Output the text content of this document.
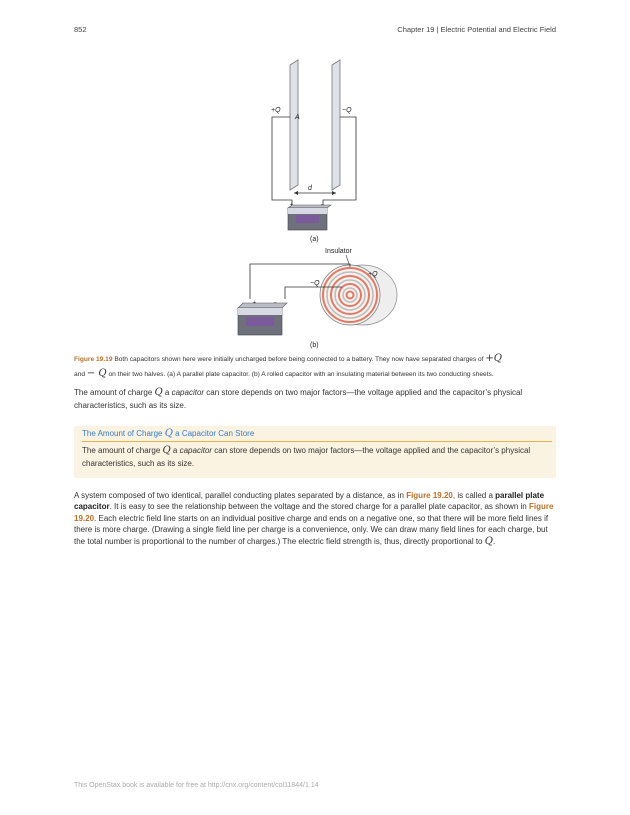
852	Chapter 19 | Electric Potential and Electric Field
+Q	−Q
A
d
+	−
(a)
Insulator
+Q
−Q
+	−
(b)
Figure 19.19 Both capacitors shown here were initially uncharged before being connected to a battery. They now have separated charges of +Q
and − Q on their two halves. (a) A parallel plate capacitor. (b) A rolled capacitor with an insulating material between its two conducting sheets.
The amount of charge Q a capacitor can store depends on two major factors—the voltage applied and the capacitor’s physical characteristics, such as its size.
The Amount of Charge Q a Capacitor Can Store
The amount of charge Q a capacitor can store depends on two major factors—the voltage applied and the capacitor’s physical characteristics, such as its size.
A system composed of two identical, parallel conducting plates separated by a distance, as in Figure 19.20, is called a parallel plate capacitor. It is easy to see the relationship between the voltage and the stored charge for a parallel plate capacitor, as shown in Figure 19.20. Each electric field line starts on an individual positive charge and ends on a negative one, so that there will be more field lines if there is more charge. (Drawing a single field line per charge is a convenience, only. We can draw many field lines for each charge, but the total number is proportional to the number of charges.) The electric field strength is, thus, directly proportional to Q.
This OpenStax book is available for free at http://cnx.org/content/col11844/1.14
